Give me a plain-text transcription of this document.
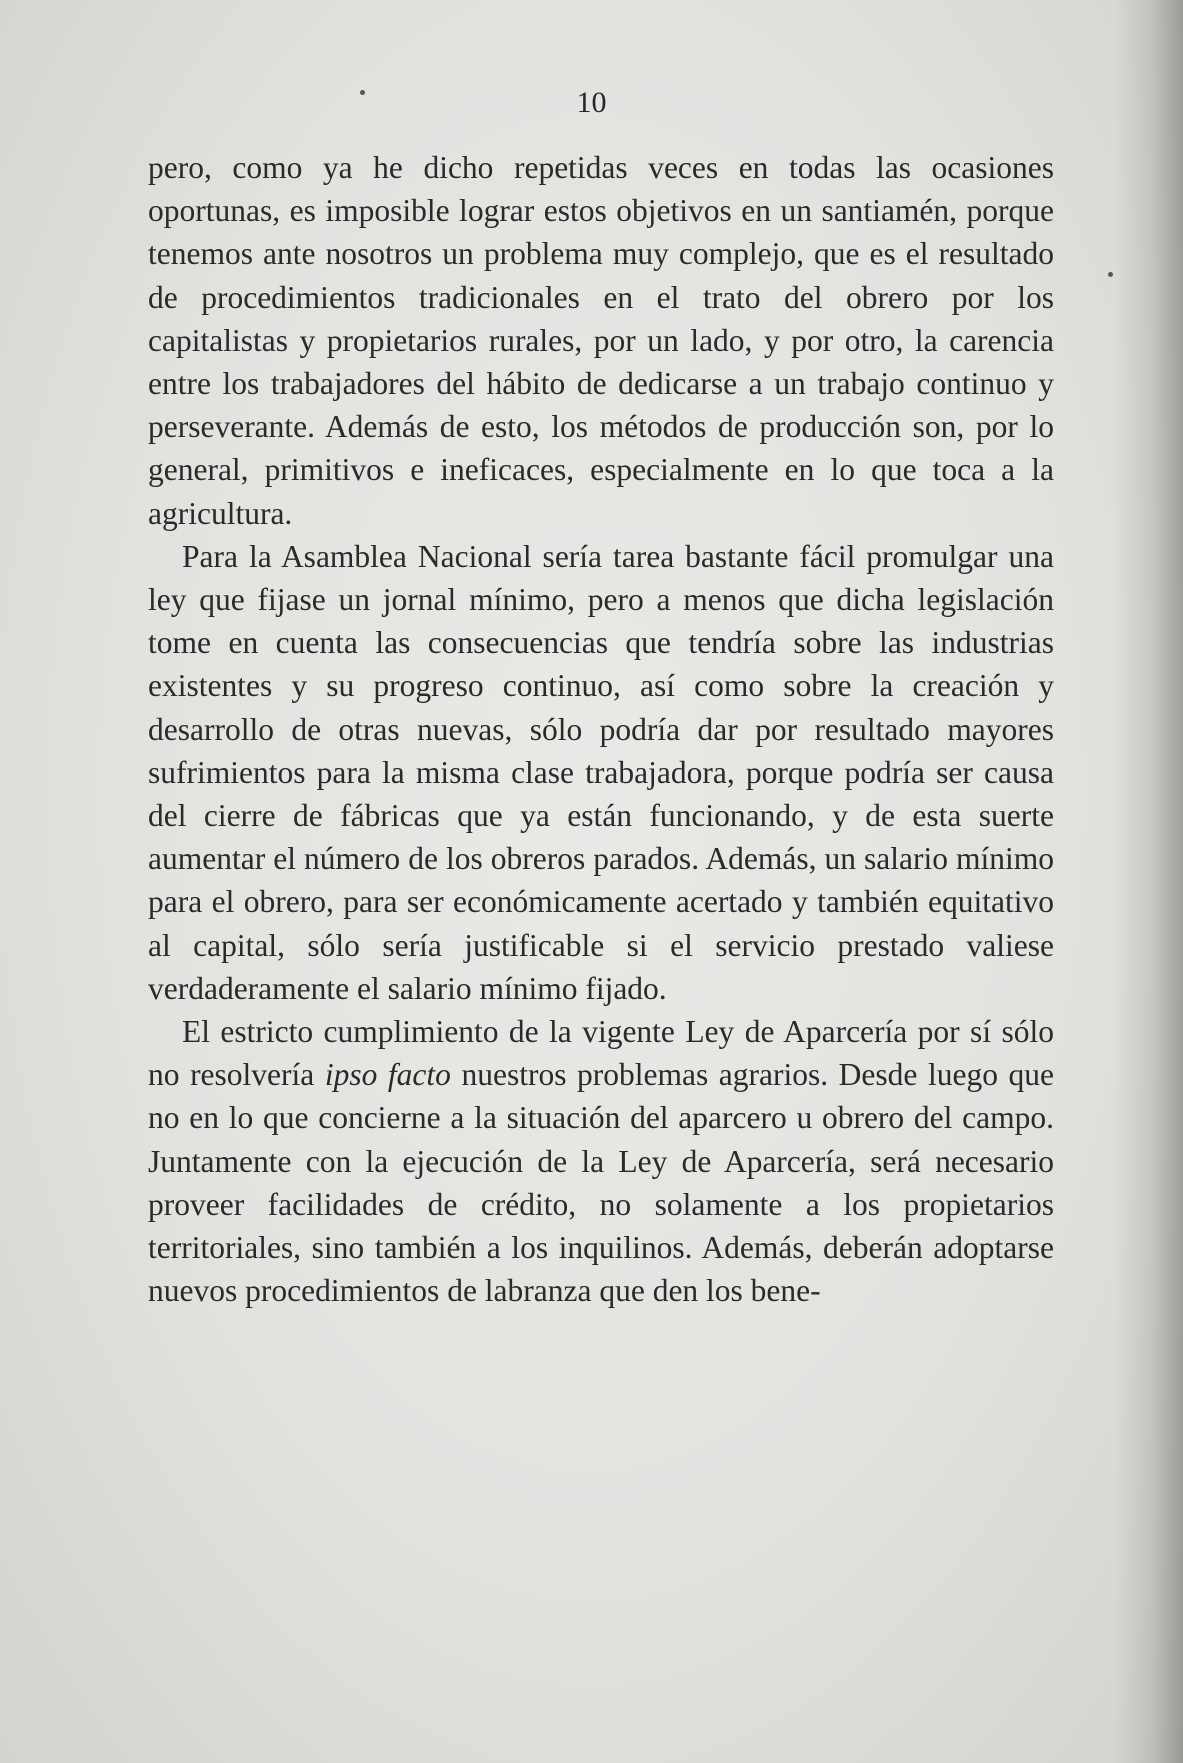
10

pero, como ya he dicho repetidas veces en todas las ocasiones oportunas, es imposible lograr estos objetivos en un santiamén, porque tenemos ante nosotros un problema muy complejo, que es el resultado de procedimientos tradicionales en el trato del obrero por los capitalistas y propietarios rurales, por un lado, y por otro, la carencia entre los trabajadores del hábito de dedicarse a un trabajo continuo y perseverante. Además de esto, los métodos de producción son, por lo general, primitivos e ineficaces, especialmente en lo que toca a la agricultura.

Para la Asamblea Nacional sería tarea bastante fácil promulgar una ley que fijase un jornal mínimo, pero a menos que dicha legislación tome en cuenta las consecuencias que tendría sobre las industrias existentes y su progreso continuo, así como sobre la creación y desarrollo de otras nuevas, sólo podría dar por resultado mayores sufrimientos para la misma clase trabajadora, porque podría ser causa del cierre de fábricas que ya están funcionando, y de esta suerte aumentar el número de los obreros parados. Además, un salario mínimo para el obrero, para ser económicamente acertado y también equitativo al capital, sólo sería justificable si el servicio prestado valiese verdaderamente el salario mínimo fijado.

El estricto cumplimiento de la vigente Ley de Aparcería por sí sólo no resolvería ipso facto nuestros problemas agrarios. Desde luego que no en lo que concierne a la situación del aparcero u obrero del campo. Juntamente con la ejecución de la Ley de Aparcería, será necesario proveer facilidades de crédito, no solamente a los propietarios territoriales, sino también a los inquilinos. Además, deberán adoptarse nuevos procedimientos de labranza que den los bene-
